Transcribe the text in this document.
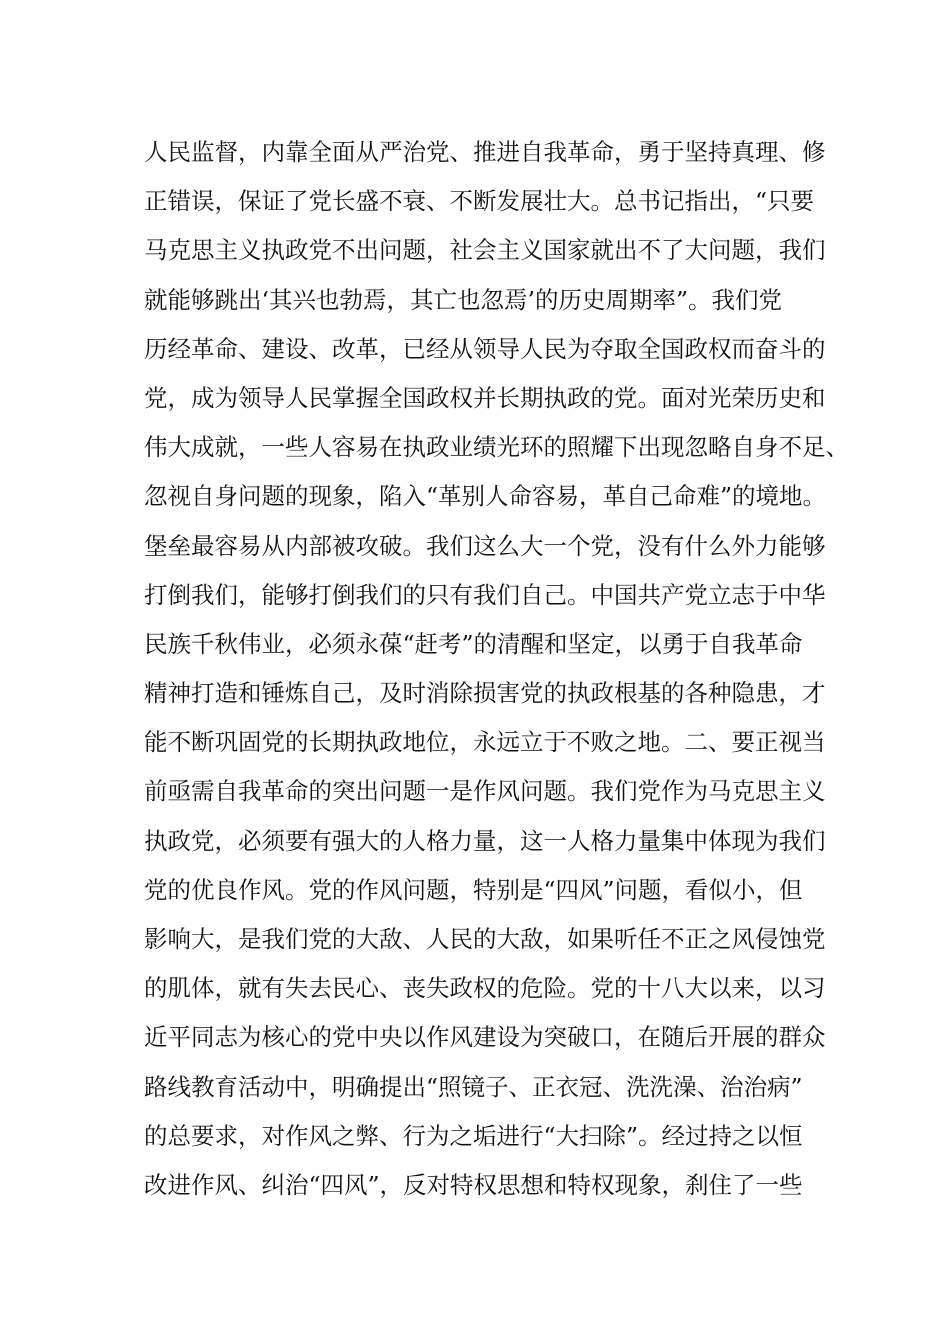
人民监督，内靠全面从严治党、推进自我革命，勇于坚持真理、修
正错误，保证了党长盛不衰、不断发展壮大。总书记指出，“只要
马克思主义执政党不出问题，社会主义国家就出不了大问题，我们
就能够跳出‘其兴也勃焉，其亡也忽焉’的历史周期率”。我们党
历经革命、建设、改革，已经从领导人民为夺取全国政权而奋斗的
党，成为领导人民掌握全国政权并长期执政的党。面对光荣历史和
伟大成就，一些人容易在执政业绩光环的照耀下出现忽略自身不足、
忽视自身问题的现象，陷入“革别人命容易，革自己命难”的境地。
堡垒最容易从内部被攻破。我们这么大一个党，没有什么外力能够
打倒我们，能够打倒我们的只有我们自己。中国共产党立志于中华
民族千秋伟业，必须永葆“赶考”的清醒和坚定，以勇于自我革命
精神打造和锤炼自己，及时消除损害党的执政根基的各种隐患，才
能不断巩固党的长期执政地位，永远立于不败之地。二、要正视当
前亟需自我革命的突出问题一是作风问题。我们党作为马克思主义
执政党，必须要有强大的人格力量，这一人格力量集中体现为我们
党的优良作风。党的作风问题，特别是“四风”问题，看似小，但
影响大，是我们党的大敌、人民的大敌，如果听任不正之风侵蚀党
的肌体，就有失去民心、丧失政权的危险。党的十八大以来，以习
近平同志为核心的党中央以作风建设为突破口，在随后开展的群众
路线教育活动中，明确提出“照镜子、正衣冠、洗洗澡、治治病”
的总要求，对作风之弊、行为之垢进行“大扫除”。经过持之以恒
改进作风、纠治“四风”，反对特权思想和特权现象，刹住了一些
